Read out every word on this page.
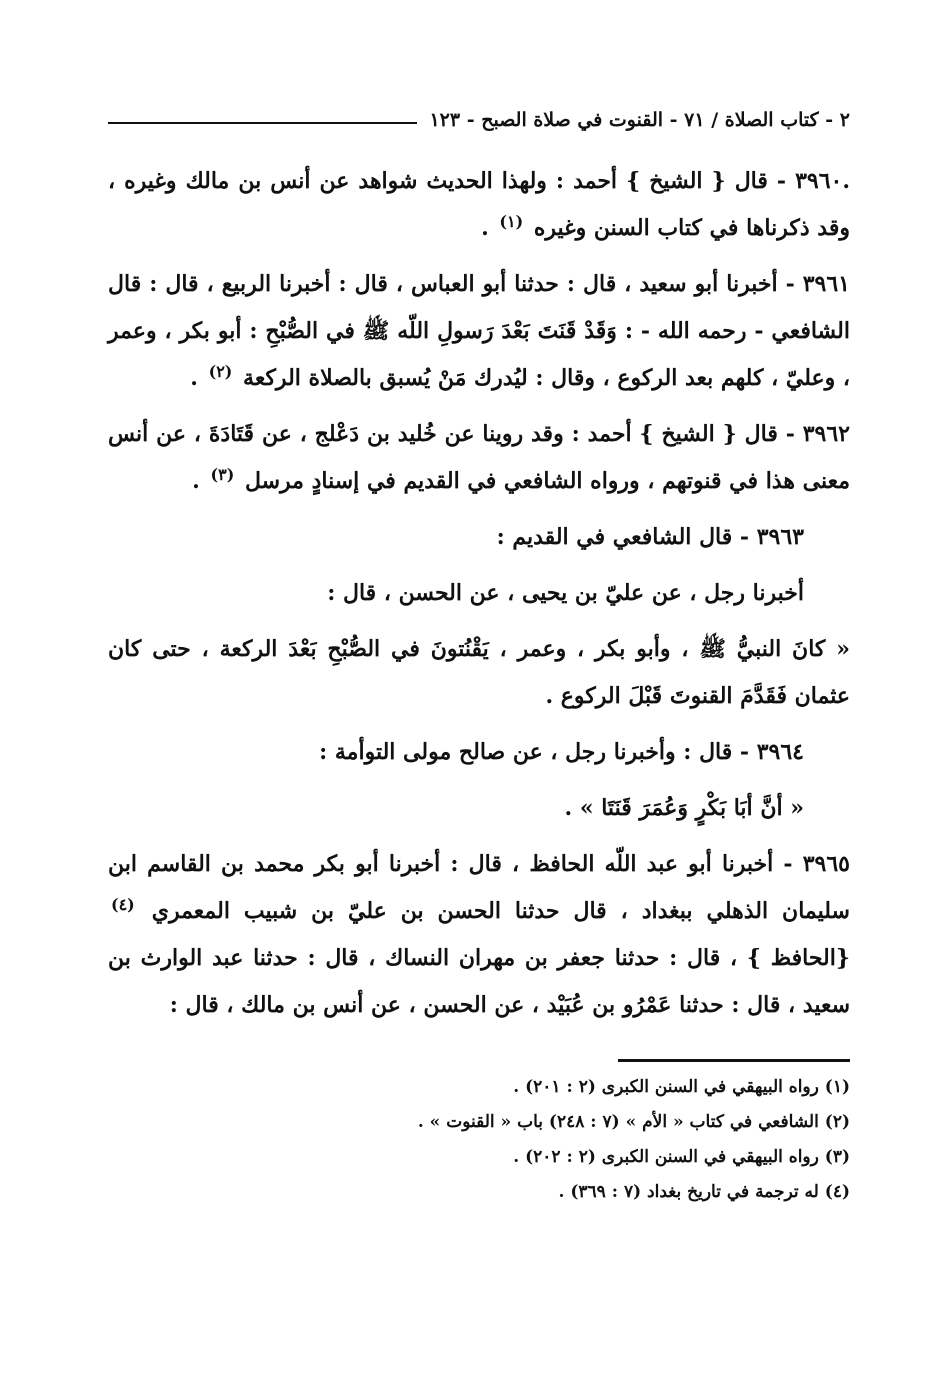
٢ - كتاب الصلاة / ٧١ - القنوت في صلاة الصبح - ١٢٣

.٣٩٦٠ - قال { الشيخ } أحمد : ولهذا الحديث شواهد عن أنس بن مالك وغيره ، وقد ذكرناها في كتاب السنن وغيره $^{(١)}$ .

٣٩٦١ - أخبرنا أبو سعيد ، قال : حدثنا أبو العباس ، قال : أخبرنا الربيع ، قال : قال الشافعي - رحمه الله - : وَقَدْ قَنَتَ بَعْدَ رَسولِ اللّه ﷺ في الصُّبْحِ : أبو بكر ، وعمر ، وعليّ ، كلهم بعد الركوع ، وقال : ليُدرك مَنْ يُسبق بالصلاة الركعة $^{(٢)}$ .

٣٩٦٢ - قال { الشيخ } أحمد : وقد روينا عن خُليد بن دَعْلج ، عن قَتَادَةَ ، عن أنس معنى هذا في قنوتهم ، ورواه الشافعي في القديم في إسنادٍ مرسل $^{(٣)}$ .

٣٩٦٣ - قال الشافعي في القديم :

أخبرنا رجل ، عن عليّ بن يحيى ، عن الحسن ، قال :

« كانَ النبيُّ ﷺ ، وأبو بكر ، وعمر ، يَقْنُتونَ في الصُّبْحِ بَعْدَ الركعة ، حتى كان عثمان فَقَدَّمَ القنوتَ قَبْلَ الركوع .

٣٩٦٤ - قال : وأخبرنا رجل ، عن صالح مولى التوأمة :

« أنَّ أبَا بَكْرٍ وَعُمَرَ قَنَتَا » .

٣٩٦٥ - أخبرنا أبو عبد اللّه الحافظ ، قال : أخبرنا أبو بكر محمد بن القاسم ابن سليمان الذهلي ببغداد ، قال حدثنا الحسن بن عليّ بن شبيب المعمري $^{(٤)}$ {الحافظ } ، قال : حدثنا جعفر بن مهران النساك ، قال : حدثنا عبد الوارث بن سعيد ، قال : حدثنا عَمْرُو بن عُبَيْد ، عن الحسن ، عن أنس بن مالك ، قال :

(١) رواه البيهقي في السنن الكبرى (٢ : ٢٠١) .
(٢) الشافعي في كتاب « الأم » (٧ : ٢٤٨) باب « القنوت » .
(٣) رواه البيهقي في السنن الكبرى (٢ : ٢٠٢) .
(٤) له ترجمة في تاريخ بغداد (٧ : ٣٦٩) .
